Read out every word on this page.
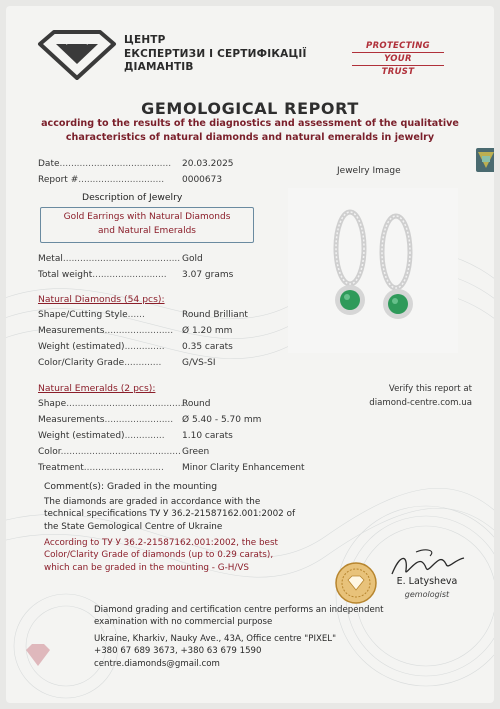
ЦЕНТР
ЕКСПЕРТИЗИ І СЕРТИФІКАЦІЇ
ДІАМАНТІВ
PROTECTING
YOUR
TRUST
GEMOLOGICAL REPORT
according to the results of the diagnostics and assessment of the qualitative
characteristics of natural diamonds and natural emeralds in jewelry
Date....................................... 20.03.2025
Report #.............................. 0000673
Description of Jewelry
Gold Earrings with Natural Diamonds
and Natural Emeralds
Jewelry Image
Metal......................................... Gold
Total weight.......................... 3.07 grams
Natural Diamonds (54 pcs):
Shape/Cutting Style......	Round Brilliant
Measurements........................ Ø 1.20 mm
Weight (estimated).............. 0.35 carats
Color/Clarity Grade............. G/VS-SI
Natural Emeralds (2 pcs):
Shape..........................................
Round
Measurements........................ Ø 5.40 - 5.70 mm
Weight (estimated).............. 1.10 carats
Color.......................................... Green
Treatment............................ Minor Clarity Enhancement
Verify this report at
diamond-centre.com.ua
Comment(s): Graded in the mounting
The diamonds are graded in accordance with the
technical specifications ТУ У 36.2-21587162.001:2002 of
the State Gemological Centre of Ukraine
According to ТУ У 36.2-21587162.001:2002, the best
Color/Clarity Grade of diamonds (up to 0.29 carats),
which can be graded in the mounting - G-H/VS
E. Latysheva
gemologist
Diamond grading and certification centre performs an independent
examination with no commercial purpose
Ukraine, Kharkiv, Nauky Ave., 43A, Office centre "PIXEL"
+380 67 689 3673, +380 63 679 1590
centre.diamonds@gmail.com
